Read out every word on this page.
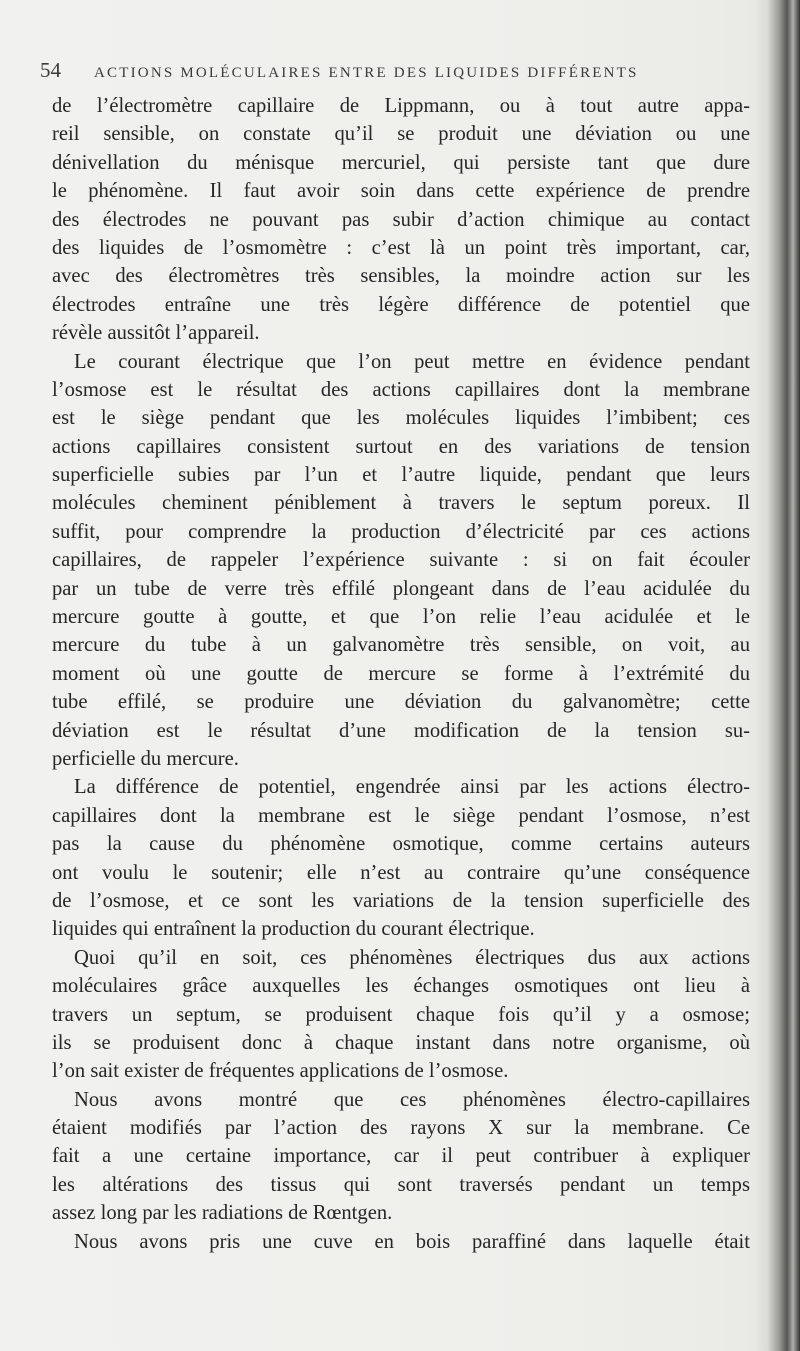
54	ACTIONS MOLÉCULAIRES ENTRE DES LIQUIDES DIFFÉRENTS
de l’électromètre capillaire de Lippmann, ou à tout autre appa-
reil sensible, on constate qu’il se produit une déviation ou une
dénivellation du ménisque mercuriel, qui persiste tant que dure
le phénomène. Il faut avoir soin dans cette expérience de prendre
des électrodes ne pouvant pas subir d’action chimique au contact
des liquides de l’osmomètre : c’est là un point très important, car,
avec des électromètres très sensibles, la moindre action sur les
électrodes entraîne une très légère différence de potentiel que
révèle aussitôt l’appareil.
Le courant électrique que l’on peut mettre en évidence pendant
l’osmose est le résultat des actions capillaires dont la membrane
est le siège pendant que les molécules liquides l’imbibent; ces
actions capillaires consistent surtout en des variations de tension
superficielle subies par l’un et l’autre liquide, pendant que leurs
molécules cheminent péniblement à travers le septum poreux. Il
suffit, pour comprendre la production d’électricité par ces actions
capillaires, de rappeler l’expérience suivante : si on fait écouler
par un tube de verre très effilé plongeant dans de l’eau acidulée du
mercure goutte à goutte, et que l’on relie l’eau acidulée et le
mercure du tube à un galvanomètre très sensible, on voit, au
moment où une goutte de mercure se forme à l’extrémité du
tube effilé, se produire une déviation du galvanomètre; cette
déviation est le résultat d’une modification de la tension su-
perficielle du mercure.
La différence de potentiel, engendrée ainsi par les actions électro-
capillaires dont la membrane est le siège pendant l’osmose, n’est
pas la cause du phénomène osmotique, comme certains auteurs
ont voulu le soutenir; elle n’est au contraire qu’une conséquence
de l’osmose, et ce sont les variations de la tension superficielle des
liquides qui entraînent la production du courant électrique.
Quoi qu’il en soit, ces phénomènes électriques dus aux actions
moléculaires grâce auxquelles les échanges osmotiques ont lieu à
travers un septum, se produisent chaque fois qu’il y a osmose;
ils se produisent donc à chaque instant dans notre organisme, où
l’on sait exister de fréquentes applications de l’osmose.
Nous avons montré que ces phénomènes électro-capillaires
étaient modifiés par l’action des rayons X sur la membrane. Ce
fait a une certaine importance, car il peut contribuer à expliquer
les altérations des tissus qui sont traversés pendant un temps
assez long par les radiations de Rœntgen.
Nous avons pris une cuve en bois paraffiné dans laquelle était
